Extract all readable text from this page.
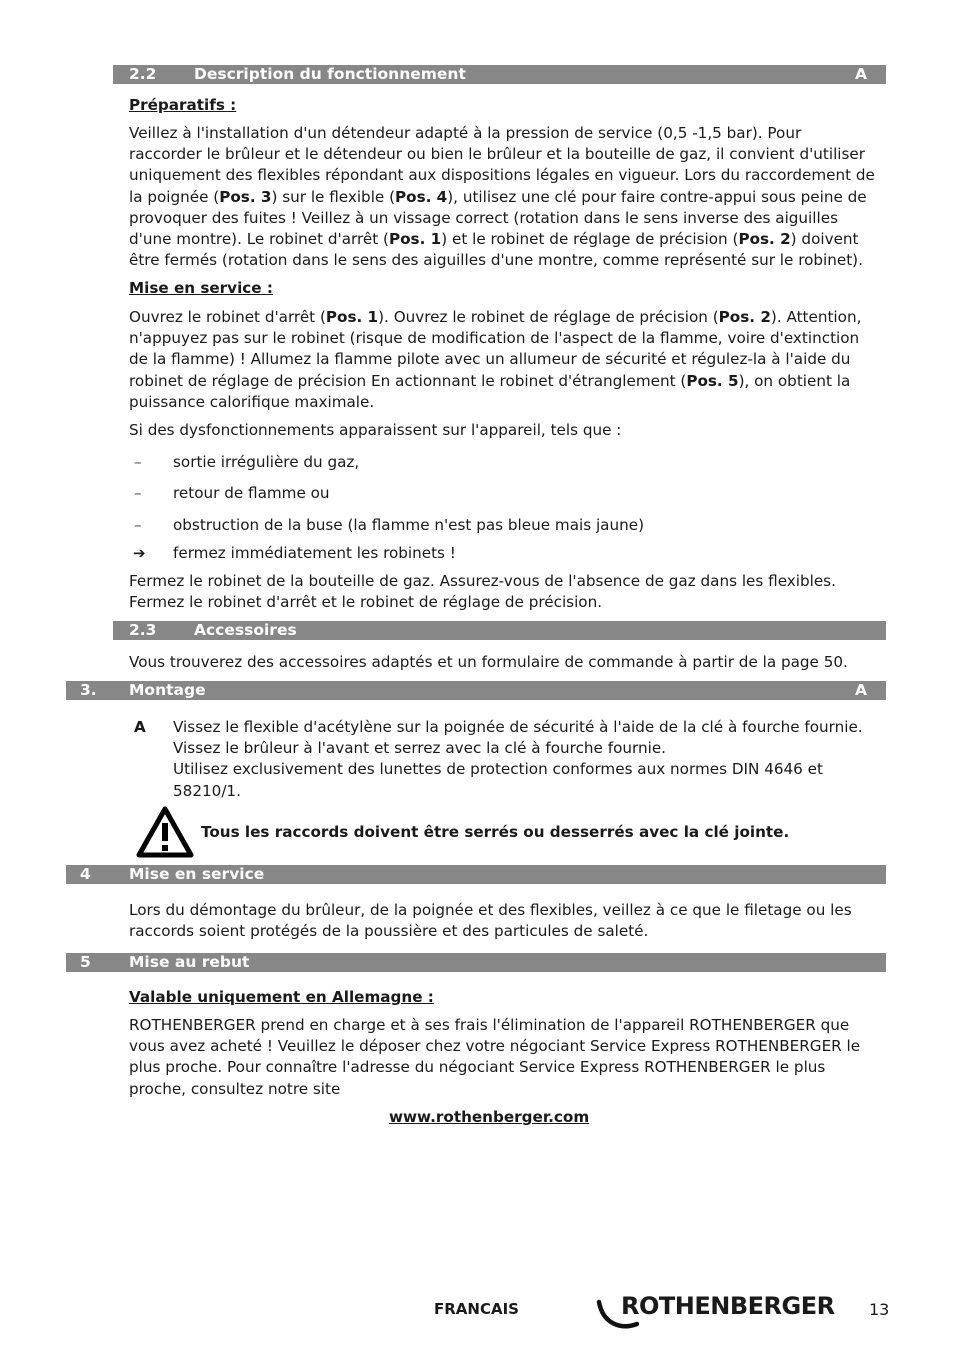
2.2 Description du fonctionnement	A
Préparatifs :
Veillez à l'installation d'un détendeur adapté à la pression de service (0,5 -1,5 bar). Pour
raccorder le brûleur et le détendeur ou bien le brûleur et la bouteille de gaz, il convient d'utiliser
uniquement des flexibles répondant aux dispositions légales en vigueur. Lors du raccordement de
la poignée (Pos. 3) sur le flexible (Pos. 4), utilisez une clé pour faire contre-appui sous peine de
provoquer des fuites ! Veillez à un vissage correct (rotation dans le sens inverse des aiguilles
d'une montre). Le robinet d'arrêt (Pos. 1) et le robinet de réglage de précision (Pos. 2) doivent
être fermés (rotation dans le sens des aiguilles d'une montre, comme représenté sur le robinet).
Mise en service :
Ouvrez le robinet d'arrêt (Pos. 1). Ouvrez le robinet de réglage de précision (Pos. 2). Attention,
n'appuyez pas sur le robinet (risque de modification de l'aspect de la flamme, voire d'extinction
de la flamme) ! Allumez la flamme pilote avec un allumeur de sécurité et régulez-la à l'aide du
robinet de réglage de précision En actionnant le robinet d'étranglement (Pos. 5), on obtient la
puissance calorifique maximale.
Si des dysfonctionnements apparaissent sur l'appareil, tels que :
– sortie irrégulière du gaz,
– retour de flamme ou
– obstruction de la buse (la flamme n'est pas bleue mais jaune)
➔ fermez immédiatement les robinets !
Fermez le robinet de la bouteille de gaz. Assurez-vous de l'absence de gaz dans les flexibles.
Fermez le robinet d'arrêt et le robinet de réglage de précision.
2.3 Accessoires
Vous trouverez des accessoires adaptés et un formulaire de commande à partir de la page 50.
3. Montage	A
A Vissez le flexible d'acétylène sur la poignée de sécurité à l'aide de la clé à fourche fournie.
Vissez le brûleur à l'avant et serrez avec la clé à fourche fournie.
Utilisez exclusivement des lunettes de protection conformes aux normes DIN 4646 et
58210/1.
Tous les raccords doivent être serrés ou desserrés avec la clé jointe.
4 Mise en service
Lors du démontage du brûleur, de la poignée et des flexibles, veillez à ce que le filetage ou les
raccords soient protégés de la poussière et des particules de saleté.
5 Mise au rebut
Valable uniquement en Allemagne :
ROTHENBERGER prend en charge et à ses frais l'élimination de l'appareil ROTHENBERGER que
vous avez acheté ! Veuillez le déposer chez votre négociant Service Express ROTHENBERGER le
plus proche. Pour connaître l'adresse du négociant Service Express ROTHENBERGER le plus
proche, consultez notre site
www.rothenberger.com
FRANCAIS	ROTHENBERGER 13
